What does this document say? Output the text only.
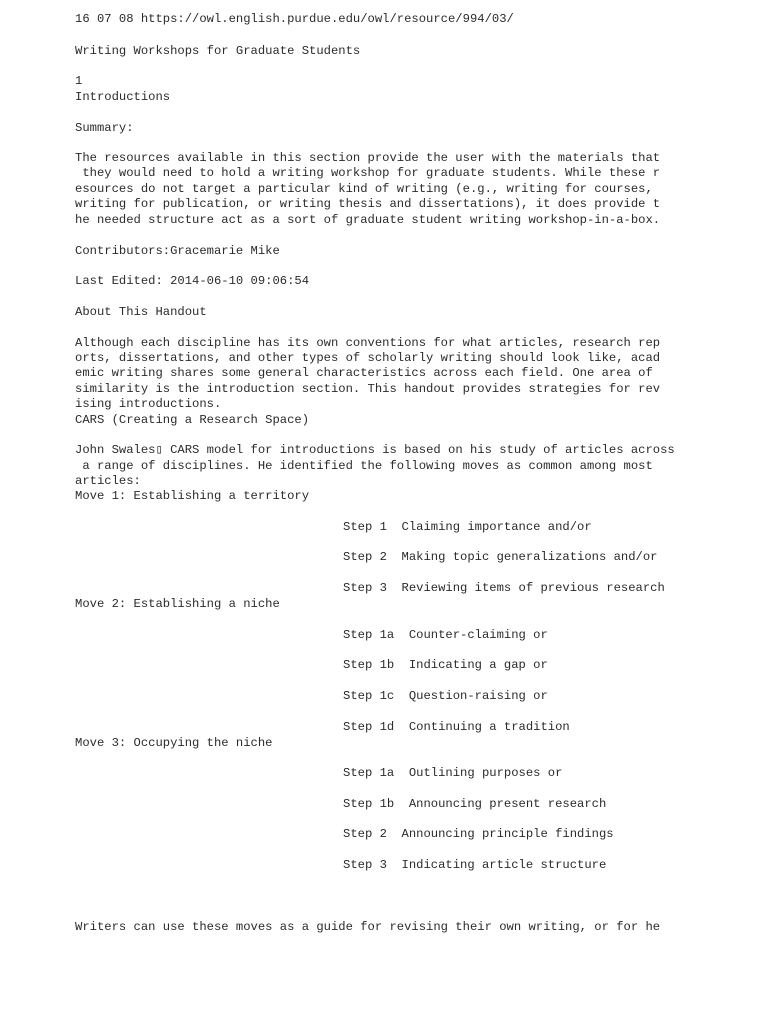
16 07 08 https://owl.english.purdue.edu/owl/resource/994/03/
Writing Workshops for Graduate Students
1
Introductions
Summary:
The resources available in this section provide the user with the materials that
they would need to hold a writing workshop for graduate students. While these r
esources do not target a particular kind of writing (e.g., writing for courses,
writing for publication, or writing thesis and dissertations), it does provide t
he needed structure act as a sort of graduate student writing workshop-in-a-box.
Contributors:Gracemarie Mike
Last Edited: 2014-06-10 09:06:54
About This Handout
Although each discipline has its own conventions for what articles, research rep
orts, dissertations, and other types of scholarly writing should look like, acad
emic writing shares some general characteristics across each field. One area of
similarity is the introduction section. This handout provides strategies for rev
ising introductions.
CARS (Creating a Research Space)
John Swales▯ CARS model for introductions is based on his study of articles across
a range of disciplines. He identified the following moves as common among most
articles:
Move 1: Establishing a territory
Step 1  Claiming importance and/or
Step 2  Making topic generalizations and/or
Step 3  Reviewing items of previous research
Move 2: Establishing a niche
Step 1a  Counter-claiming or
Step 1b  Indicating a gap or
Step 1c  Question-raising or
Step 1d  Continuing a tradition
Move 3: Occupying the niche
Step 1a  Outlining purposes or
Step 1b  Announcing present research
Step 2  Announcing principle findings
Step 3  Indicating article structure
Writers can use these moves as a guide for revising their own writing, or for he
